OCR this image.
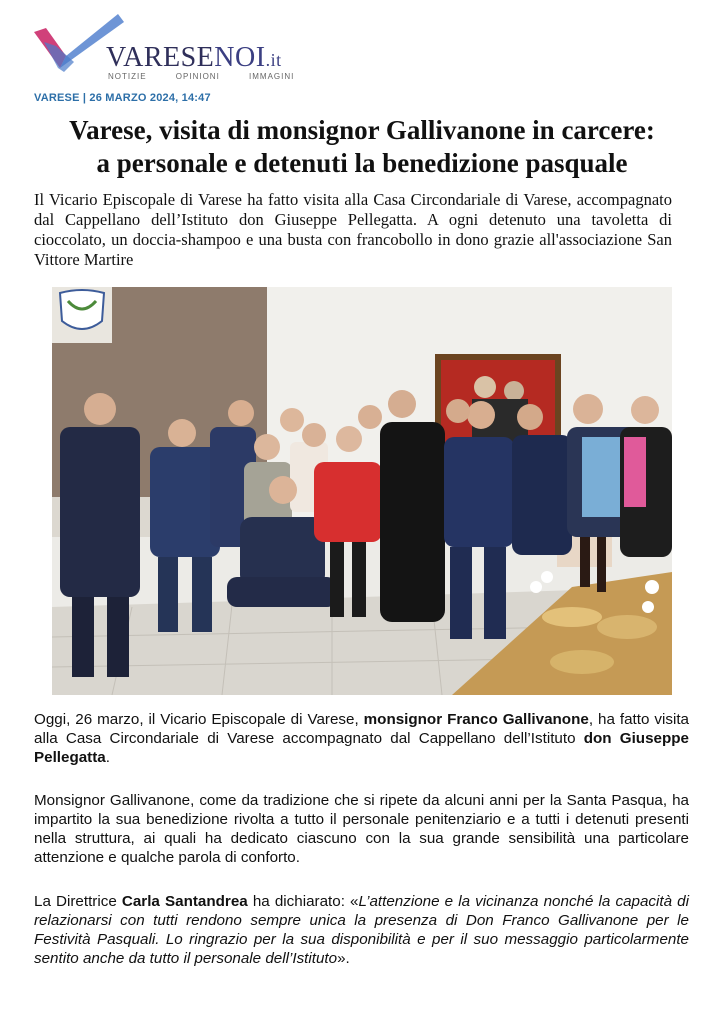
VARESENOI.it
NOTIZIE	OPINIONI	IMMAGINI
VARESE | 26 MARZO 2024, 14:47
Varese, visita di monsignor Gallivanone in carcere:
a personale e detenuti la benedizione pasquale

Il Vicario Episcopale di Varese ha fatto visita alla Casa Circondariale di Varese, accompagnato dal Cappellano dell’Istituto don Giuseppe Pellegatta. A ogni detenuto una tavoletta di cioccolato, un doccia-shampoo e una busta con francobollo in dono grazie all'associazione San Vittore Martire

Oggi, 26 marzo, il Vicario Episcopale di Varese, monsignor Franco Gallivanone, ha fatto visita alla Casa Circondariale di Varese accompagnato dal Cappellano dell’Istituto don Giuseppe Pellegatta.

Monsignor Gallivanone, come da tradizione che si ripete da alcuni anni per la Santa Pasqua, ha impartito la sua benedizione rivolta a tutto il personale penitenziario e a tutti i detenuti presenti nella struttura, ai quali ha dedicato ciascuno con la sua grande sensibilità una particolare attenzione e qualche parola di conforto.

La Direttrice Carla Santandrea ha dichiarato: «L’attenzione e la vicinanza nonché la capacità di relazionarsi con tutti rendono sempre unica la presenza di Don Franco Gallivanone per le Festività Pasquali. Lo ringrazio per la sua disponibilità e per il suo messaggio particolarmente sentito anche da tutto il personale dell’Istituto».
